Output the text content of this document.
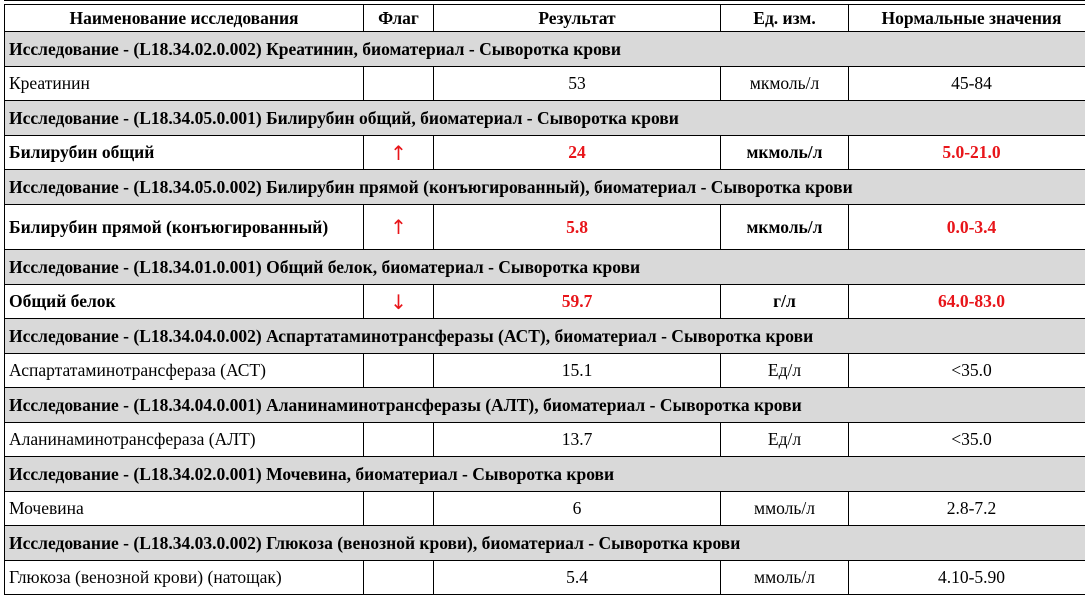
Наименование исследования	Флаг	Результат	Ед. изм.	Нормальные значения
Исследование - (L18.34.02.0.002) Креатинин, биоматериал - Сыворотка крови				
Креатинин		53	мкмоль/л	45-84
Исследование - (L18.34.05.0.001) Билирубин общий, биоматериал - Сыворотка крови				
Билирубин общий	↑	24	мкмоль/л	5.0-21.0
Исследование - (L18.34.05.0.002) Билирубин прямой (конъюгированный), биоматериал - Сыворотка крови				

Билирубин прямой (конъюгированный)	↑	5.8	мкмоль/л	0.0-3.4
Исследование - (L18.34.01.0.001) Общий белок, биоматериал - Сыворотка крови				
Общий белок	↓	59.7	г/л	64.0-83.0
Исследование - (L18.34.04.0.002) Аспартатаминотрансферазы (АСТ), биоматериал - Сыворотка крови				
Аспартатаминотрансфераза (АСТ)		15.1	Ед/л	<35.0
Исследование - (L18.34.04.0.001) Аланинаминотрансферазы (АЛТ), биоматериал - Сыворотка крови				
Аланинаминотрансфераза (АЛТ)		13.7	Ед/л	<35.0
Исследование - (L18.34.02.0.001) Мочевина, биоматериал - Сыворотка крови				
Мочевина		6	ммоль/л	2.8-7.2
Исследование - (L18.34.03.0.002) Глюкоза (венозной крови), биоматериал - Сыворотка крови				
Глюкоза (венозной крови) (натощак)		5.4	ммоль/л	4.10-5.90
